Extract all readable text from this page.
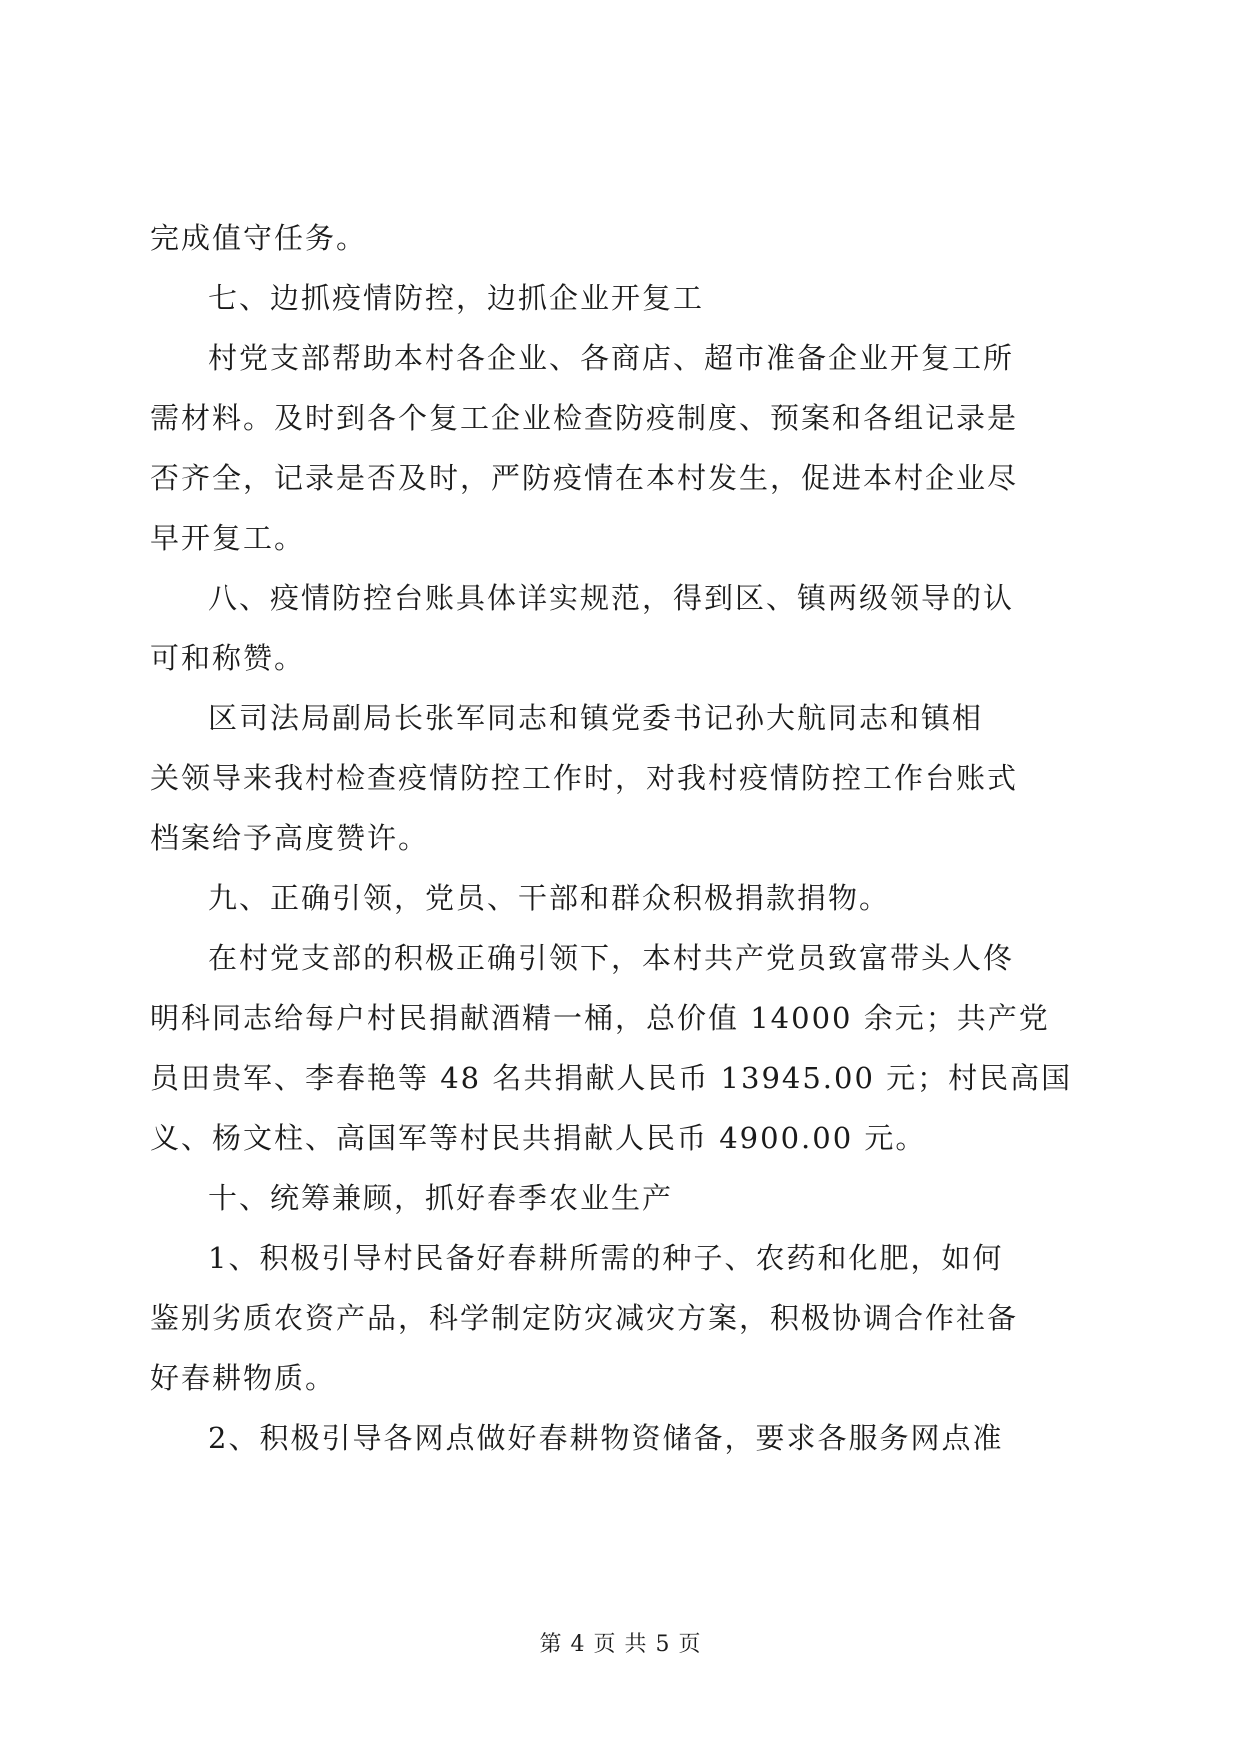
完成值守任务。
七、边抓疫情防控，边抓企业开复工
村党支部帮助本村各企业、各商店、超市准备企业开复工所
需材料。及时到各个复工企业检查防疫制度、预案和各组记录是
否齐全，记录是否及时，严防疫情在本村发生，促进本村企业尽
早开复工。
八、疫情防控台账具体详实规范，得到区、镇两级领导的认
可和称赞。
区司法局副局长张军同志和镇党委书记孙大航同志和镇相
关领导来我村检查疫情防控工作时，对我村疫情防控工作台账式
档案给予高度赞许。
九、正确引领，党员、干部和群众积极捐款捐物。
在村党支部的积极正确引领下，本村共产党员致富带头人佟
明科同志给每户村民捐献酒精一桶，总价值 14000 余元；共产党
员田贵军、李春艳等 48 名共捐献人民币 13945.00 元；村民高国
义、杨文柱、高国军等村民共捐献人民币 4900.00 元。
十、统筹兼顾，抓好春季农业生产
1、积极引导村民备好春耕所需的种子、农药和化肥，如何
鉴别劣质农资产品，科学制定防灾减灾方案，积极协调合作社备
好春耕物质。
2、积极引导各网点做好春耕物资储备，要求各服务网点准
第 4 页 共 5 页
